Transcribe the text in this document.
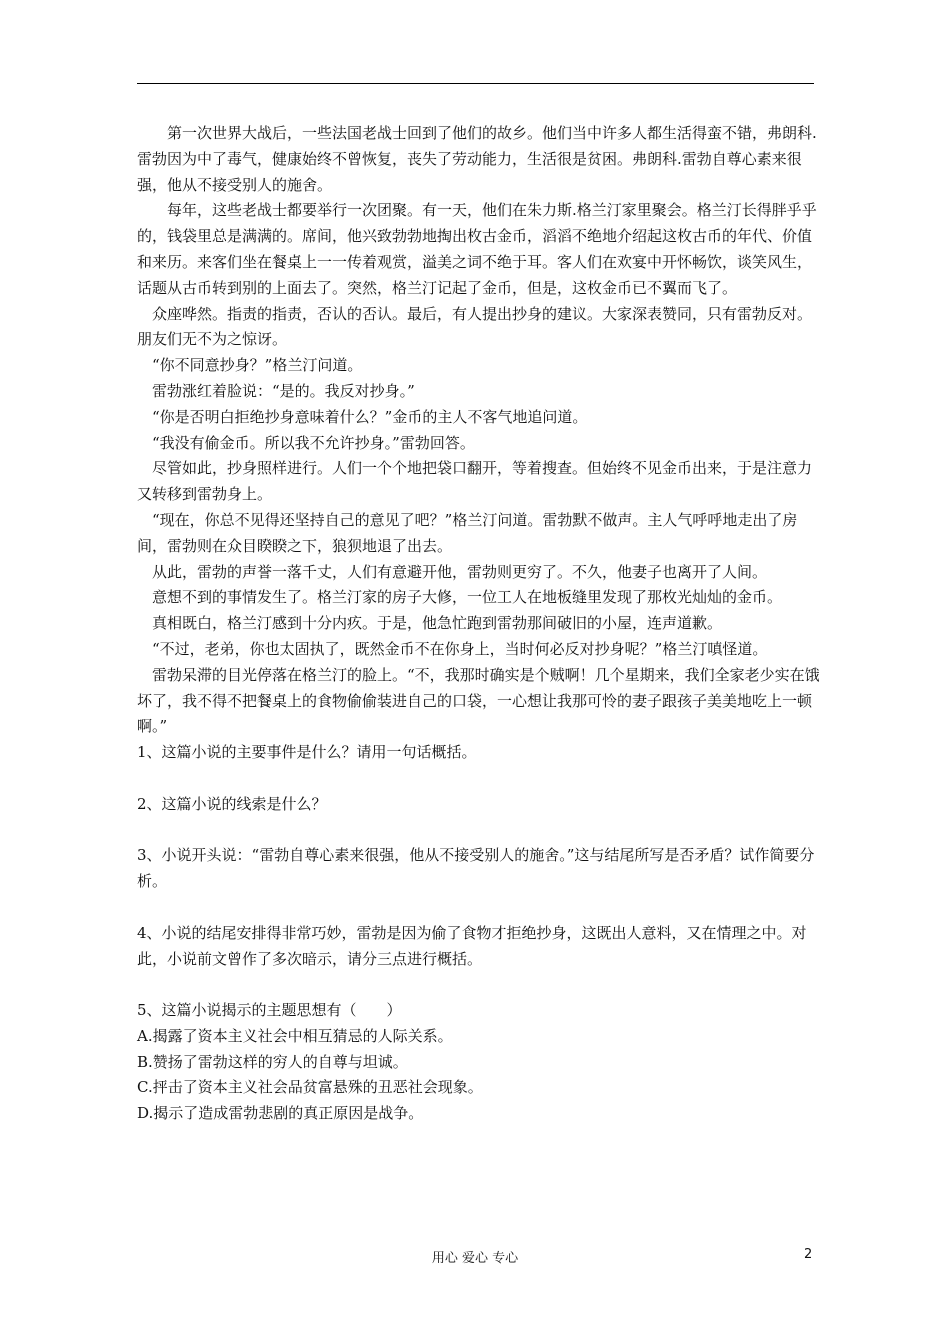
第一次世界大战后，一些法国老战士回到了他们的故乡。他们当中许多人都生活得蛮不错，弗朗科.雷勃因为中了毒气，健康始终不曾恢复，丧失了劳动能力，生活很是贫困。弗朗科.雷勃自尊心素来很强，他从不接受别人的施舍。

每年，这些老战士都要举行一次团聚。有一天，他们在朱力斯.格兰汀家里聚会。格兰汀长得胖乎乎的，钱袋里总是满满的。席间，他兴致勃勃地掏出枚古金币，滔滔不绝地介绍起这枚古币的年代、价值和来历。来客们坐在餐桌上一一传着观赏，溢美之词不绝于耳。客人们在欢宴中开怀畅饮，谈笑风生，话题从古币转到别的上面去了。突然，格兰汀记起了金币，但是，这枚金币已不翼而飞了。

众座哗然。指责的指责，否认的否认。最后，有人提出抄身的建议。大家深表赞同，只有雷勃反对。朋友们无不为之惊讶。

“你不同意抄身？”格兰汀问道。

雷勃涨红着脸说：“是的。我反对抄身。”

“你是否明白拒绝抄身意味着什么？”金币的主人不客气地追问道。

“我没有偷金币。所以我不允许抄身。”雷勃回答。

尽管如此，抄身照样进行。人们一个个地把袋口翻开，等着搜查。但始终不见金币出来，于是注意力又转移到雷勃身上。

“现在，你总不见得还坚持自己的意见了吧？”格兰汀问道。雷勃默不做声。主人气呼呼地走出了房间，雷勃则在众目睽睽之下，狼狈地退了出去。

从此，雷勃的声誉一落千丈，人们有意避开他，雷勃则更穷了。不久，他妻子也离开了人间。

意想不到的事情发生了。格兰汀家的房子大修，一位工人在地板缝里发现了那枚光灿灿的金币。

真相既白，格兰汀感到十分内疚。于是，他急忙跑到雷勃那间破旧的小屋，连声道歉。

“不过，老弟，你也太固执了，既然金币不在你身上，当时何必反对抄身呢？”格兰汀嗔怪道。

雷勃呆滞的目光停落在格兰汀的脸上。“不，我那时确实是个贼啊！几个星期来，我们全家老少实在饿坏了，我不得不把餐桌上的食物偷偷装进自己的口袋，一心想让我那可怜的妻子跟孩子美美地吃上一顿啊。”

1、这篇小说的主要事件是什么？请用一句话概括。

2、这篇小说的线索是什么？

3、小说开头说：“雷勃自尊心素来很强，他从不接受别人的施舍。”这与结尾所写是否矛盾？试作简要分析。

4、小说的结尾安排得非常巧妙，雷勃是因为偷了食物才拒绝抄身，这既出人意料，又在情理之中。对此，小说前文曾作了多次暗示，请分三点进行概括。

5、这篇小说揭示的主题思想有（　　）

A.揭露了资本主义社会中相互猜忌的人际关系。

B.赞扬了雷勃这样的穷人的自尊与坦诚。

C.抨击了资本主义社会品贫富悬殊的丑恶社会现象。

D.揭示了造成雷勃悲剧的真正原因是战争。

用心 爱心 专心	2
